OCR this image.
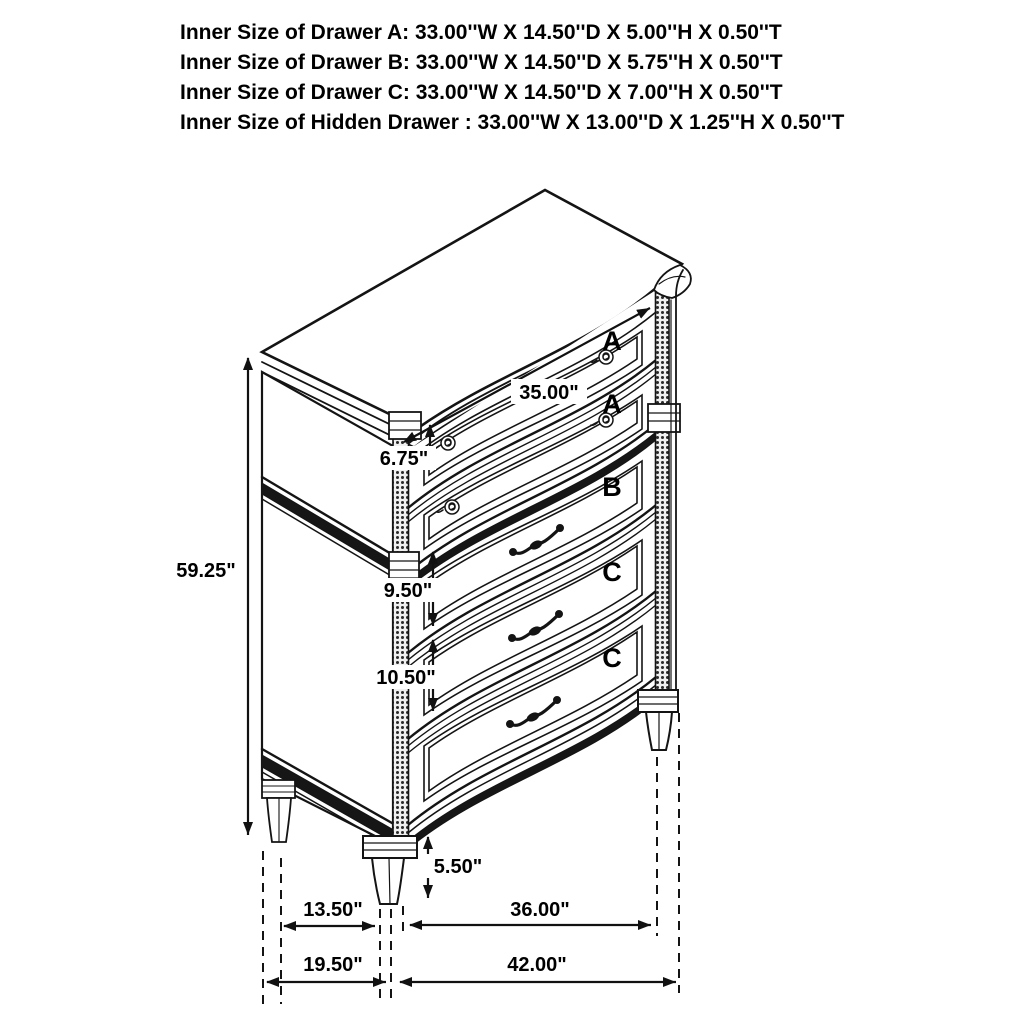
Inner Size of Drawer A: 33.00''W X 14.50''D X 5.00''H X 0.50''T
Inner Size of Drawer B: 33.00''W X 14.50''D X 5.75''H X 0.50''T
Inner Size of Drawer C: 33.00''W X 14.50''D X 7.00''H X 0.50''T
Inner Size of Hidden Drawer : 33.00''W X 13.00''D X 1.25''H X 0.50''T
A
A
B
C
C
35.00"
6.75"
59.25"
9.50"
10.50"
5.50"
13.50"	36.00"
19.50"	42.00"
